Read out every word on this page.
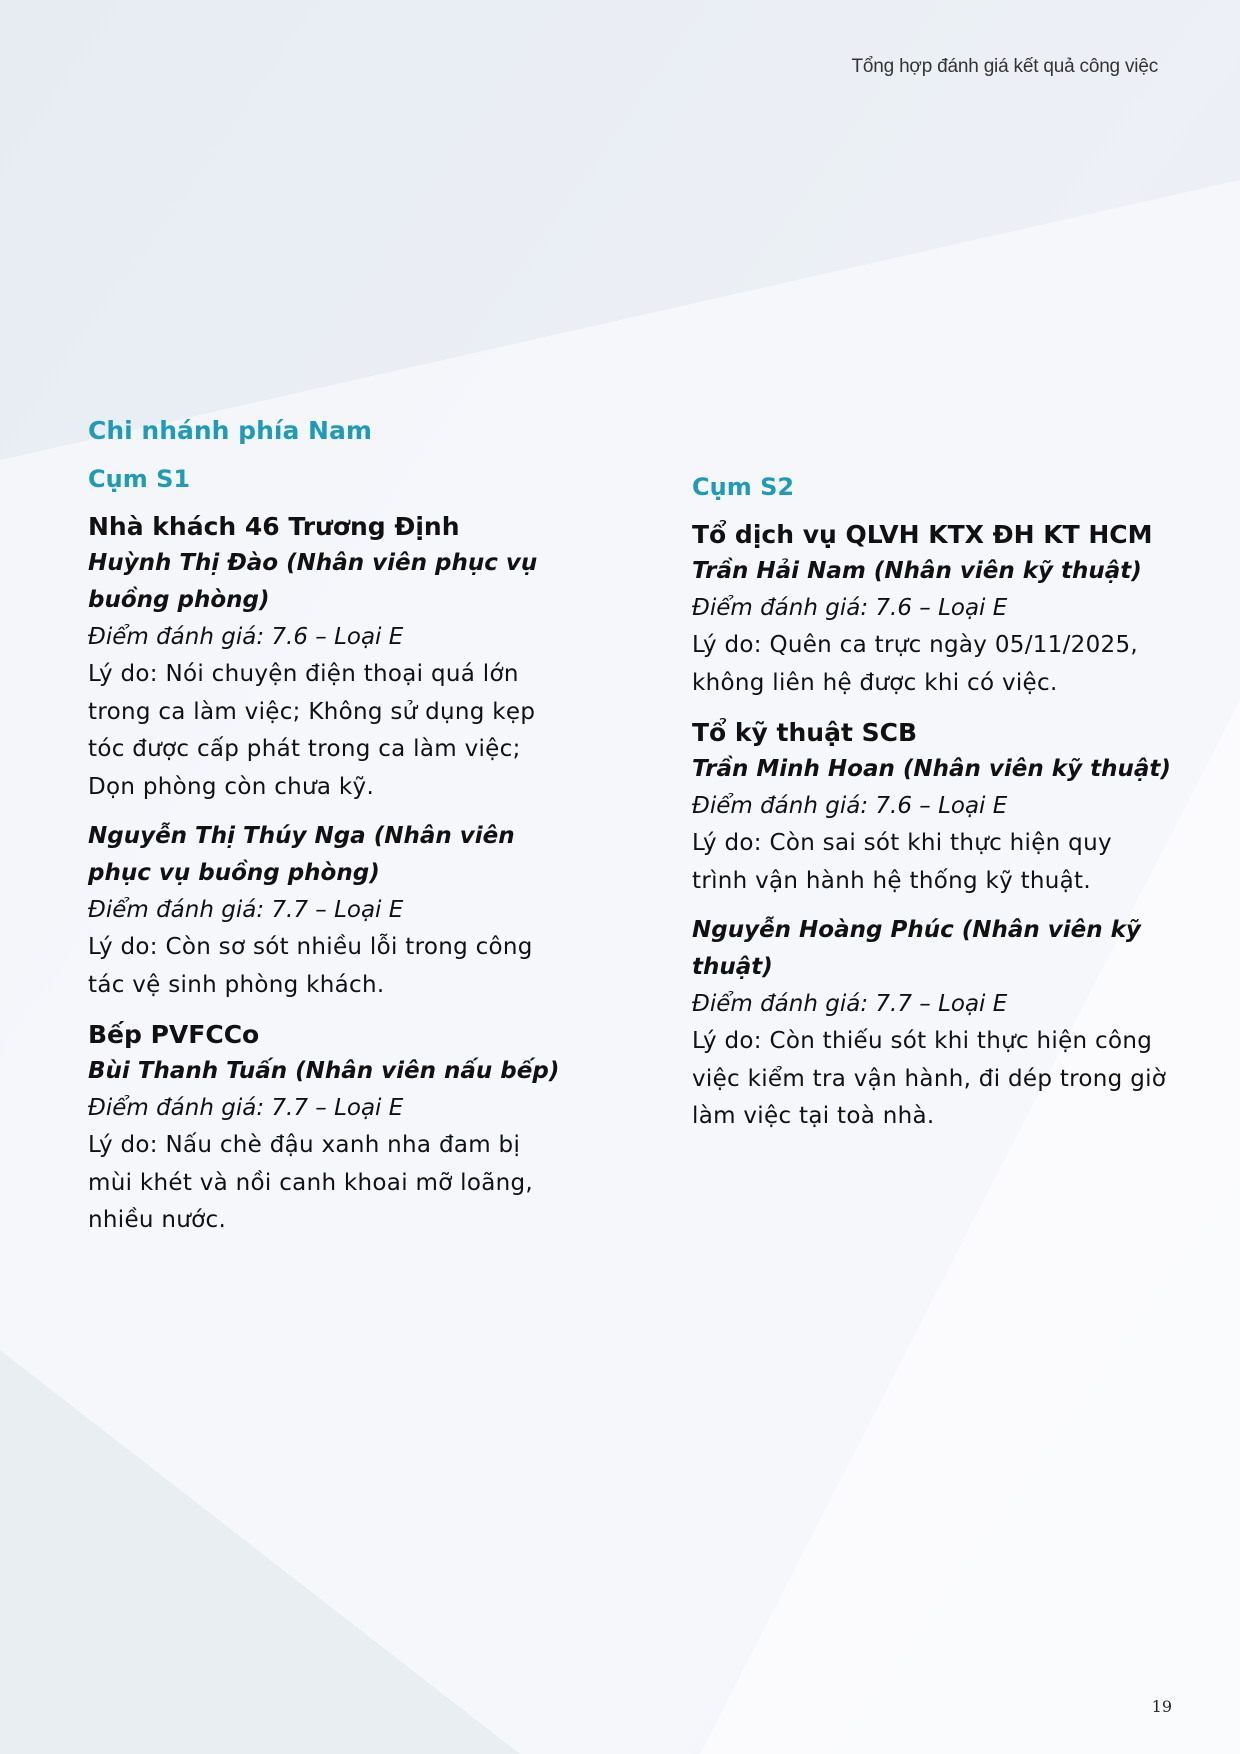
Tổng hợp đánh giá kết quả công việc
Chi nhánh phía Nam
Cụm S1

Nhà khách 46 Trương Định

Huỳnh Thị Đào (Nhân viên phục vụ buồng phòng)

Điểm đánh giá: 7.6 – Loại E

Lý do: Nói chuyện điện thoại quá lớn trong ca làm việc; Không sử dụng kẹp tóc được cấp phát trong ca làm việc; Dọn phòng còn chưa kỹ.

Nguyễn Thị Thúy Nga (Nhân viên phục vụ buồng phòng)

Điểm đánh giá: 7.7 – Loại E

Lý do: Còn sơ sót nhiều lỗi trong công tác vệ sinh phòng khách.

Bếp PVFCCo

Bùi Thanh Tuấn (Nhân viên nấu bếp)

Điểm đánh giá: 7.7 – Loại E

Lý do: Nấu chè đậu xanh nha đam bị mùi khét và nồi canh khoai mỡ loãng, nhiều nước.

Cụm S2

Tổ dịch vụ QLVH KTX ĐH KT HCM

Trần Hải Nam (Nhân viên kỹ thuật)

Điểm đánh giá: 7.6 – Loại E

Lý do: Quên ca trực ngày 05/11/2025, không liên hệ được khi có việc.

Tổ kỹ thuật SCB

Trần Minh Hoan (Nhân viên kỹ thuật)

Điểm đánh giá: 7.6 – Loại E

Lý do: Còn sai sót khi thực hiện quy trình vận hành hệ thống kỹ thuật.

Nguyễn Hoàng Phúc (Nhân viên kỹ thuật)

Điểm đánh giá: 7.7 – Loại E

Lý do: Còn thiếu sót khi thực hiện công việc kiểm tra vận hành, đi dép trong giờ làm việc tại toà nhà.

19
